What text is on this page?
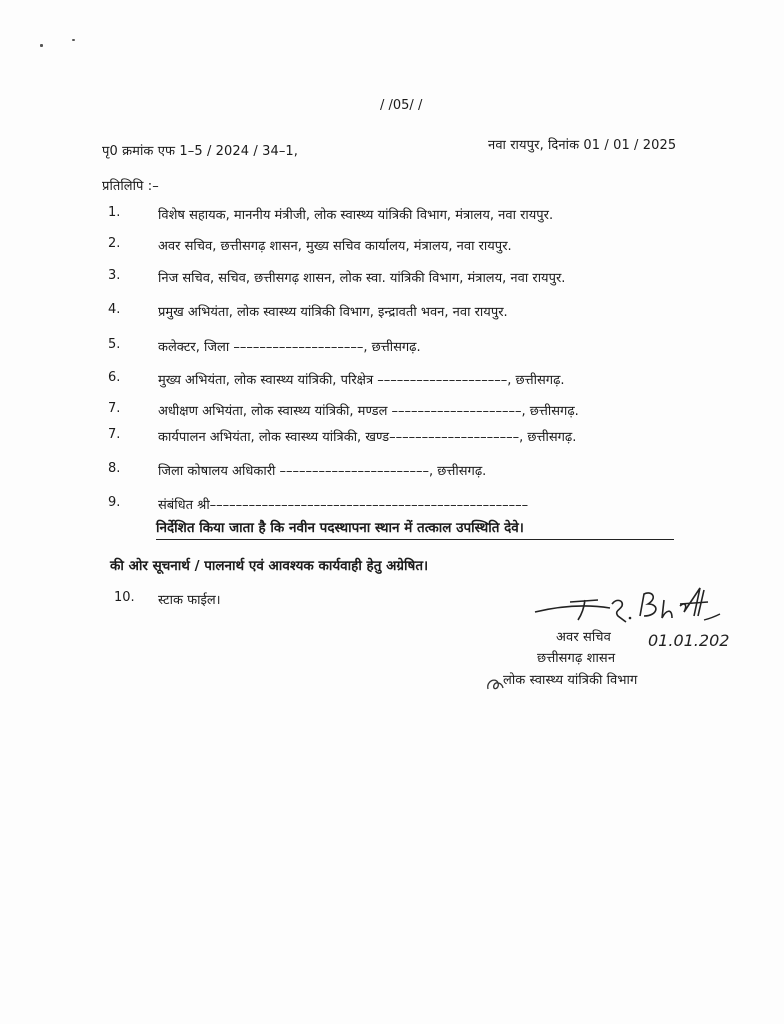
/ /05/ /
पृ0 क्रमांक एफ 1–5 / 2024 / 34–1,	नवा रायपुर, दिनांक 01 / 01 / 2025
प्रतिलिपि :–
1.	विशेष सहायक, माननीय मंत्रीजी, लोक स्वास्थ्य यांत्रिकी विभाग, मंत्रालय, नवा रायपुर.
2.	अवर सचिव, छत्तीसगढ़ शासन, मुख्य सचिव कार्यालय, मंत्रालय, नवा रायपुर.
3.	निज सचिव, सचिव, छत्तीसगढ़ शासन, लोक स्वा. यांत्रिकी विभाग, मंत्रालय, नवा रायपुर.
4.	प्रमुख अभियंता, लोक स्वास्थ्य यांत्रिकी विभाग, इन्द्रावती भवन, नवा रायपुर.
5.	कलेक्टर, जिला ––––––––––––––––––––, छत्तीसगढ़.
6.	मुख्य अभियंता, लोक स्वास्थ्य यांत्रिकी, परिक्षेत्र ––––––––––––––––––––, छत्तीसगढ़.
7.	अधीक्षण अभियंता, लोक स्वास्थ्य यांत्रिकी, मण्डल ––––––––––––––––––––, छत्तीसगढ़.
7.	कार्यपालन अभियंता, लोक स्वास्थ्य यांत्रिकी, खण्ड––––––––––––––––––––, छत्तीसगढ़.
8.	जिला कोषालय अधिकारी –––––––––––––––––––––––, छत्तीसगढ़.
9.	संबंधित श्री–––––––––––––––––––––––––––––––––––––––––––––––––
निर्देशित किया जाता है कि नवीन पदस्थापना स्थान में तत्काल उपस्थिति देवे।
की ओर सूचनार्थ / पालनार्थ एवं आवश्यक कार्यवाही हेतु अग्रेषित।
10. स्टाक फाईल।
अवर सचिव 01.01.202
छत्तीसगढ़ शासन
लोक स्वास्थ्य यांत्रिकी विभाग
